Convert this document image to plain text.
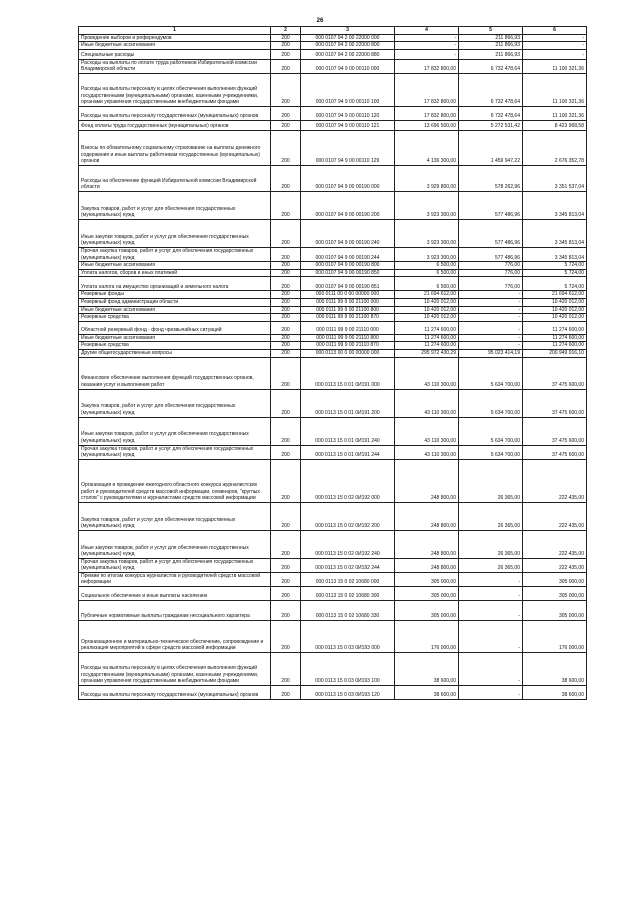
26
1	2	3	4	5	6
Проведение выборов и референдумов	200	000 0107 94 2 00 22000 000	-	211 866,93	-
Иные бюджетные ассигнования	200	000 0107 94 2 00 22000 800	-	211 866,93	-
Специальные расходы	200	000 0107 94 2 00 22000 880	-	211 866,93	-
Расходы на выплаты по оплате труда работников Избирательной комиссии Владимирской области	200	000 0107 94 9 00 00110 000	17 832 800,00	6 732 478,64	11 100 321,36
Расходы на выплаты персоналу в целях обеспечения выполнения функций государственными (муниципальными) органами, казенными учреждениями, органами управления государственными внебюджетными фондами	200	000 0107 94 9 00 00110 100	17 832 800,00	6 732 478,64	11 100 321,36
Расходы на выплаты персоналу государственных (муниципальных) органов	200	000 0107 94 9 00 00110 120	17 832 800,00	6 732 478,64	11 100 321,36
Фонд оплаты труда государственных (муниципальных) органов	200	000 0107 94 9 00 00110 121	13 696 500,00	5 272 531,42	8 423 968,58
Взносы по обязательному социальному страхованию на выплаты денежного содержания и иные выплаты работникам государственных (муниципальных) органов	200	000 0107 94 9 00 00110 129	4 136 300,00	1 459 947,22	2 676 352,78
Расходы на обеспечение функций Избирательной комиссии Владимирской области	200	000 0107 94 9 00 00190 000	3 929 800,00	578 262,96	3 351 537,04
Закупка товаров, работ и услуг для обеспечения государственных (муниципальных) нужд	200	000 0107 94 9 00 00190 200	3 923 300,00	577 486,96	3 345 813,04
Иные закупки товаров, работ и услуг для обеспечения государственных (муниципальных) нужд	200	000 0107 94 9 00 00190 240	3 923 300,00	577 486,96	3 345 813,04
Прочая закупка товаров, работ и услуг для обеспечения государственных (муниципальных) нужд	200	000 0107 94 9 00 00190 244	3 923 300,00	577 486,96	3 345 813,04
Иные бюджетные ассигнования	200	000 0107 94 9 00 00190 800	6 500,00	776,00	5 724,00
Уплата налогов, сборов и иных платежей	200	000 0107 94 9 00 00190 850	6 500,00	776,00	5 724,00
Уплата налога на имущество организаций и земельного налога	200	000 0107 94 9 00 00190 851	6 500,00	776,00	5 724,00
Резервные фонды	200	000 0111 00 0 00 00000 000	21 694 612,00	-	21 694 612,00
Резервный фонд администрации области	200	000 0111 99 9 00 21100 000	10 420 012,00	-	10 420 012,00
Иные бюджетные ассигнования	200	000 0111 99 9 00 21100 800	10 420 012,00	-	10 420 012,00
Резервные средства	200	000 0111 99 9 00 21100 870	10 420 012,00	-	10 420 012,00
Областной резервный фонд - фонд чрезвычайных ситуаций	200	000 0111 99 9 00 21110 000	11 274 600,00	-	11 274 600,00
Иные бюджетные ассигнования	200	000 0111 99 9 00 21110 800	11 274 600,00	-	11 274 600,00
Резервные средства	200	000 0111 99 9 00 21110 870	11 274 600,00	-	11 274 600,00
Другие общегосударственные вопросы	200	000 0113 00 0 00 00000 000	295 972 430,29	95 023 414,19	200 949 016,10
Финансовое обеспечение выполнения функций государственных органов, оказания услуг и выполнения работ	200	000 0113 15 0 01 0И191 000	43 110 300,00	5 634 700,00	37 475 600,00
Закупка товаров, работ и услуг для обеспечения государственных (муниципальных) нужд	200	000 0113 15 0 01 0И191 200	43 110 300,00	5 634 700,00	37 475 600,00
Иные закупки товаров, работ и услуг для обеспечения государственных (муниципальных) нужд	200	000 0113 15 0 01 0И191 240	43 110 300,00	5 634 700,00	37 475 600,00
Прочая закупка товаров, работ и услуг для обеспечения государственных (муниципальных) нужд	200	000 0113 15 0 01 0И191 244	43 110 300,00	5 634 700,00	37 475 600,00
Организация и проведение ежегодного областного конкурса журналистских работ и руководителей средств массовой информации, семинаров, "круглых столов" с руководителями и журналистами средств массовой информации	200	000 0113 15 0 02 0И192 000	248 800,00	26 365,00	222 435,00
Закупка товаров, работ и услуг для обеспечения государственных (муниципальных) нужд	200	000 0113 15 0 02 0И192 200	248 800,00	26 365,00	222 435,00
Иные закупки товаров, работ и услуг для обеспечения государственных (муниципальных) нужд	200	000 0113 15 0 02 0И192 240	248 800,00	26 365,00	222 435,00
Прочая закупка товаров, работ и услуг для обеспечения государственных (муниципальных) нужд	200	000 0113 15 0 02 0И192 244	248 800,00	26 365,00	222 435,00
Премии по итогам конкурса журналистов и руководителей средств массовой информации	200	000 0113 15 0 02 10680 000	305 000,00	-	305 000,00
Социальное обеспечение и иные выплаты населению	200	000 0113 15 0 02 10680 300	305 000,00	-	305 000,00
Публичные нормативные выплаты гражданам несоциального характера	200	000 0113 15 0 02 10680 330	305 000,00	-	305 000,00
Организационное и материально-техническое обеспечение, сопровождение и реализация мероприятий в сфере средств массовой информации	200	000 0113 15 0 03 0И193 000	176 000,00	-	176 000,00
Расходы на выплаты персоналу в целях обеспечения выполнения функций государственными (муниципальными) органами, казенными учреждениями, органами управления государственными внебюджетными фондами	200	000 0113 15 0 03 0И193 100	38 600,00	-	38 600,00
Расходы на выплаты персоналу государственных (муниципальных) органов	200	000 0113 15 0 03 0И193 120	38 600,00	-	38 600,00
